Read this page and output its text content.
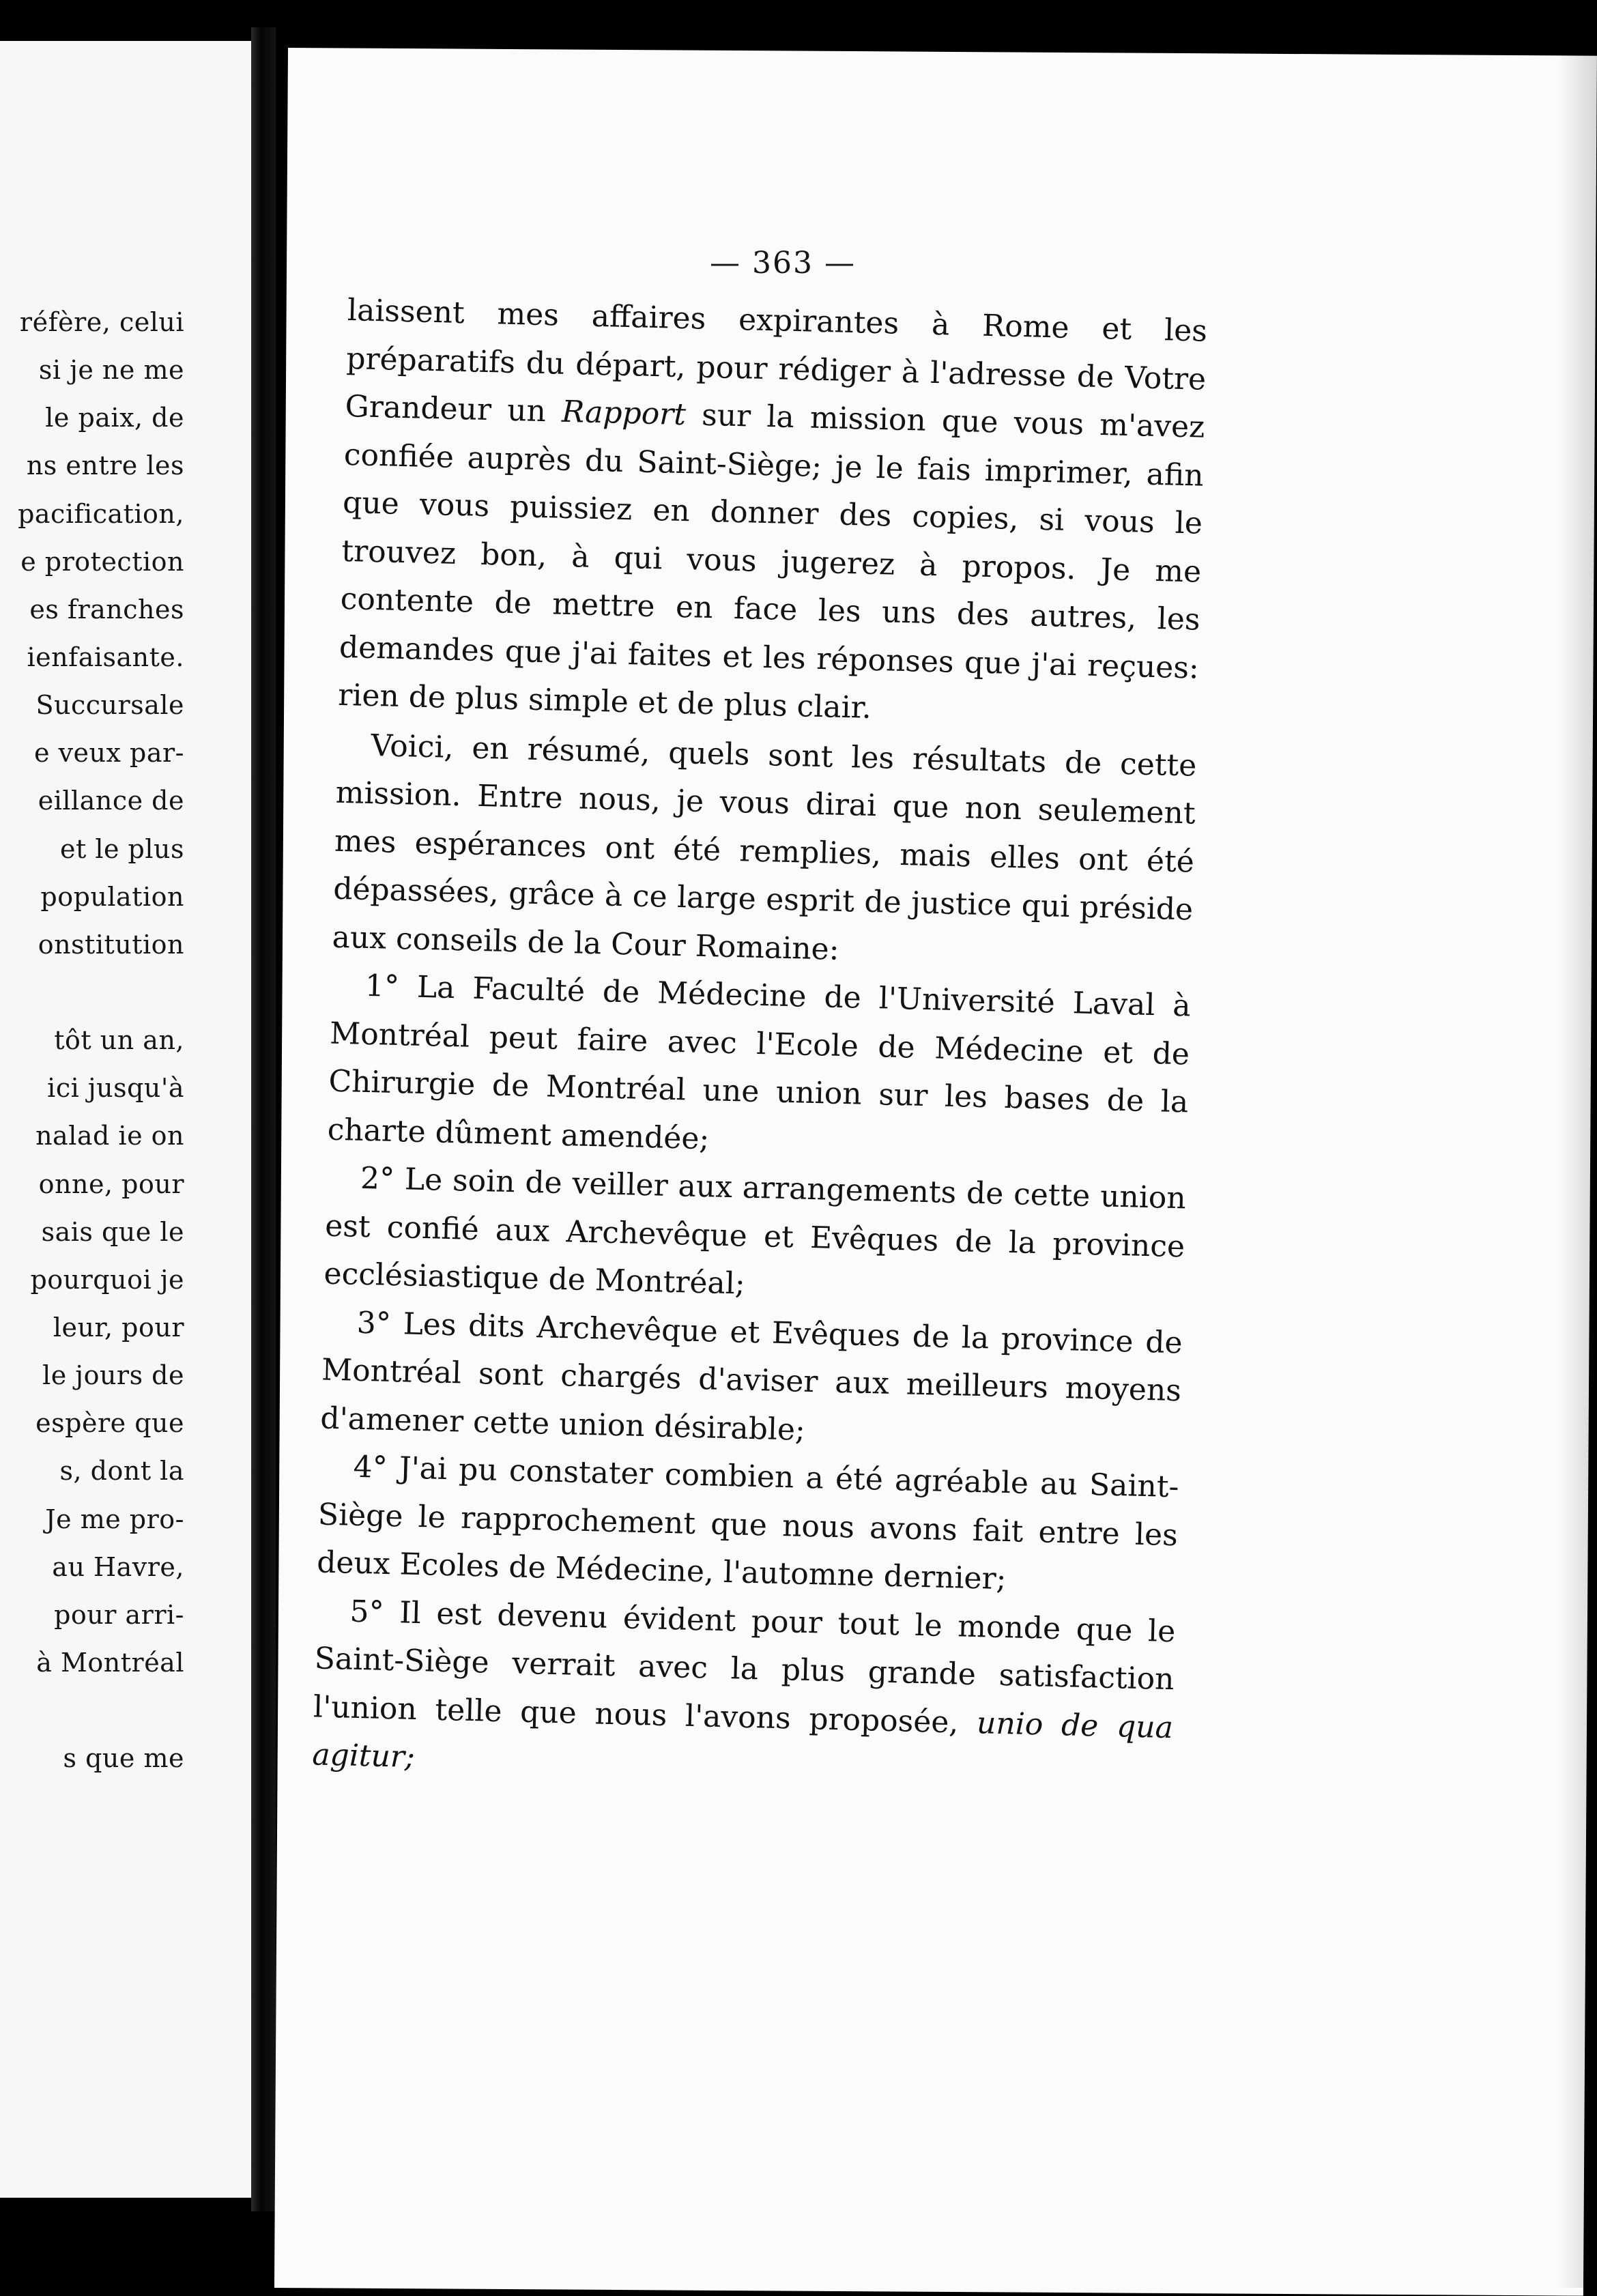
réfère, celui
si je ne me
le paix, de
ns entre les
pacification,
e protection
es franches
ienfaisante.
Succursale
e veux par-
eillance de
et le plus
population
onstitution
tôt un an,
ici jusqu'à
nalad ie on
onne, pour
sais que le
pourquoi je
leur, pour
le jours de
espère que
s, dont la
Je me pro-
au Havre,
pour arri-
à Montréal
s que me
— 363 —

laissent mes affaires expirantes à Rome et les préparatifs du départ, pour rédiger à l'adresse de Votre Grandeur un Rapport sur la mission que vous m'avez confiée auprès du Saint-Siège; je le fais imprimer, afin que vous puissiez en donner des copies, si vous le trouvez bon, à qui vous jugerez à propos. Je me contente de mettre en face les uns des autres, les demandes que j'ai faites et les réponses que j'ai reçues: rien de plus simple et de plus clair.

Voici, en résumé, quels sont les résultats de cette mission. Entre nous, je vous dirai que non seulement mes espérances ont été remplies, mais elles ont été dépassées, grâce à ce large esprit de justice qui préside aux conseils de la Cour Romaine:

1° La Faculté de Médecine de l'Université Laval à Montréal peut faire avec l'Ecole de Médecine et de Chirurgie de Montréal une union sur les bases de la charte dûment amendée;

2° Le soin de veiller aux arrangements de cette union est confié aux Archevêque et Evêques de la province ecclésiastique de Montréal;

3° Les dits Archevêque et Evêques de la province de Montréal sont chargés d'aviser aux meilleurs moyens d'amener cette union désirable;

4° J'ai pu constater combien a été agréable au Saint-Siège le rapprochement que nous avons fait entre les deux Ecoles de Médecine, l'automne dernier;

5° Il est devenu évident pour tout le monde que le Saint-Siège verrait avec la plus grande satisfaction l'union telle que nous l'avons proposée, unio de qua agitur;
